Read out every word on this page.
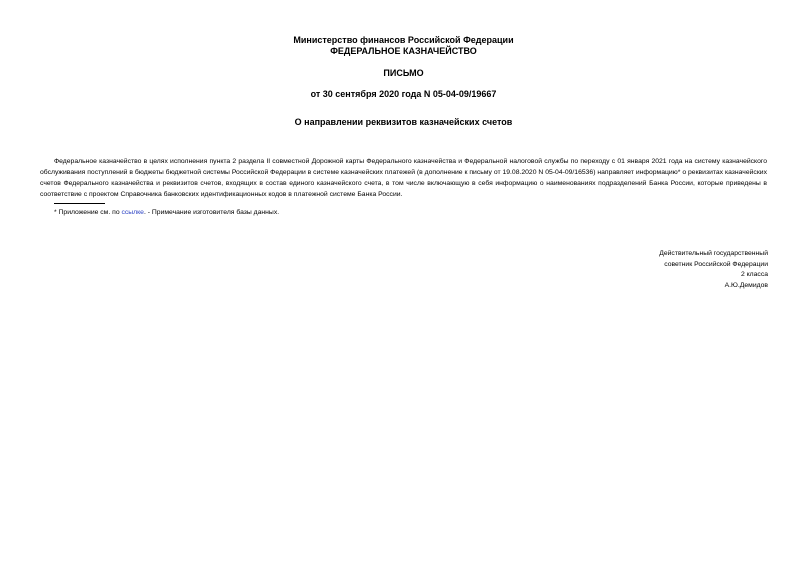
Министерство финансов Российской Федерации
ФЕДЕРАЛЬНОЕ КАЗНАЧЕЙСТВО
ПИСЬМО
от 30 сентября 2020 года N 05-04-09/19667
О направлении реквизитов казначейских счетов

Федеральное казначейство в целях исполнения пункта 2 раздела II совместной Дорожной карты Федерального казначейства и Федеральной налоговой службы по переходу с 01 января 2021 года на систему казначейского обслуживания поступлений в бюджеты бюджетной системы Российской Федерации в системе казначейских платежей (в дополнение к письму от 19.08.2020 N 05-04-09/16536) направляет информацию* о реквизитах казначейских счетов Федерального казначейства и реквизитов счетов, входящих в состав единого казначейского счета, в том числе включающую в себя информацию о наименованиях подразделений Банка России, которые приведены в соответствие с проектом Справочника банковских идентификационных кодов в платежной системе Банка России.

* Приложение см. по ссылке. - Примечание изготовителя базы данных.
Действительный государственный
советник Российской Федерации
2 класса
А.Ю.Демидов
